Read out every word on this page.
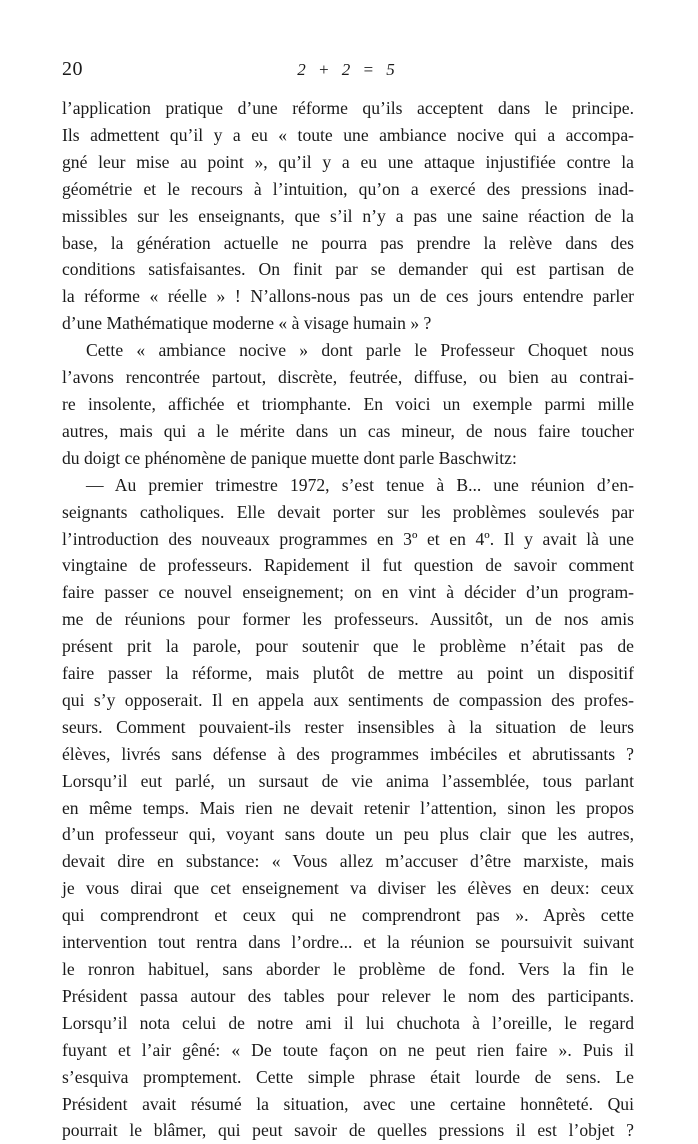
20	2 + 2 = 5

l’application pratique d’une réforme qu’ils acceptent dans le principe.

Ils admettent qu’il y a eu « toute une ambiance nocive qui a accompa-

gné leur mise au point », qu’il y a eu une attaque injustifiée contre la

géométrie et le recours à l’intuition, qu’on a exercé des pressions inad-

missibles sur les enseignants, que s’il n’y a pas une saine réaction de la

base, la génération actuelle ne pourra pas prendre la relève dans des

conditions satisfaisantes. On finit par se demander qui est partisan de

la réforme « réelle » ! N’allons-nous pas un de ces jours entendre parler

d’une Mathématique moderne « à visage humain » ?

Cette « ambiance nocive » dont parle le Professeur Choquet nous

l’avons rencontrée partout, discrète, feutrée, diffuse, ou bien au contrai-

re insolente, affichée et triomphante. En voici un exemple parmi mille

autres, mais qui a le mérite dans un cas mineur, de nous faire toucher

du doigt ce phénomène de panique muette dont parle Baschwitz:

— Au premier trimestre 1972, s’est tenue à B... une réunion d’en-

seignants catholiques. Elle devait porter sur les problèmes soulevés par

l’introduction des nouveaux programmes en 3º et en 4º. Il y avait là une

vingtaine de professeurs. Rapidement il fut question de savoir comment

faire passer ce nouvel enseignement; on en vint à décider d’un program-

me de réunions pour former les professeurs. Aussitôt, un de nos amis

présent prit la parole, pour soutenir que le problème n’était pas de

faire passer la réforme, mais plutôt de mettre au point un dispositif

qui s’y opposerait. Il en appela aux sentiments de compassion des profes-

seurs. Comment pouvaient-ils rester insensibles à la situation de leurs

élèves, livrés sans défense à des programmes imbéciles et abrutissants ?

Lorsqu’il eut parlé, un sursaut de vie anima l’assemblée, tous parlant

en même temps. Mais rien ne devait retenir l’attention, sinon les propos

d’un professeur qui, voyant sans doute un peu plus clair que les autres,

devait dire en substance: « Vous allez m’accuser d’être marxiste, mais

je vous dirai que cet enseignement va diviser les élèves en deux: ceux

qui comprendront et ceux qui ne comprendront pas ». Après cette

intervention tout rentra dans l’ordre... et la réunion se poursuivit suivant

le ronron habituel, sans aborder le problème de fond. Vers la fin le

Président passa autour des tables pour relever le nom des participants.

Lorsqu’il nota celui de notre ami il lui chuchota à l’oreille, le regard

fuyant et l’air gêné: « De toute façon on ne peut rien faire ». Puis il

s’esquiva promptement. Cette simple phrase était lourde de sens. Le

Président avait résumé la situation, avec une certaine honnêteté. Qui

pourrait le blâmer, qui peut savoir de quelles pressions il est l’objet ?
